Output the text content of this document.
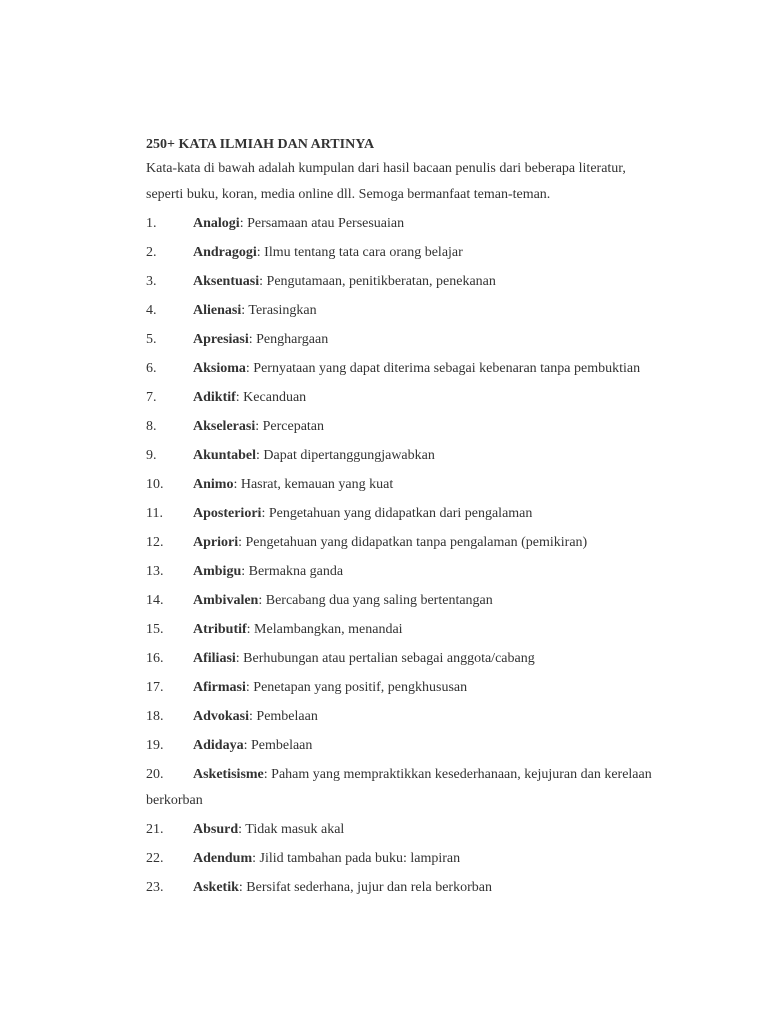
250+ KATA ILMIAH DAN ARTINYA

Kata-kata di bawah adalah kumpulan dari hasil bacaan penulis dari beberapa literatur, seperti buku, koran, media online dll. Semoga bermanfaat teman-teman.

1.	Analogi: Persamaan atau Persesuaian
2.	Andragogi: Ilmu tentang tata cara orang belajar
3.	Aksentuasi: Pengutamaan, penitikberatan, penekanan
4.	Alienasi: Terasingkan
5.	Apresiasi: Penghargaan
6.	Aksioma: Pernyataan yang dapat diterima sebagai kebenaran tanpa pembuktian
7.	Adiktif: Kecanduan
8.	Akselerasi: Percepatan
9.	Akuntabel: Dapat dipertanggungjawabkan
10. Animo: Hasrat, kemauan yang kuat
11. Aposteriori: Pengetahuan yang didapatkan dari pengalaman
12. Apriori: Pengetahuan yang didapatkan tanpa pengalaman (pemikiran)
13. Ambigu: Bermakna ganda
14. Ambivalen: Bercabang dua yang saling bertentangan
15. Atributif: Melambangkan, menandai
16. Afiliasi: Berhubungan atau pertalian sebagai anggota/cabang
17. Afirmasi: Penetapan yang positif, pengkhususan
18. Advokasi: Pembelaan
19. Adidaya: Pembelaan
20. Asketisisme: Paham yang mempraktikkan kesederhanaan, kejujuran dan kerelaan berkorban
21. Absurd: Tidak masuk akal
22. Adendum: Jilid tambahan pada buku: lampiran
23. Asketik: Bersifat sederhana, jujur dan rela berkorban
